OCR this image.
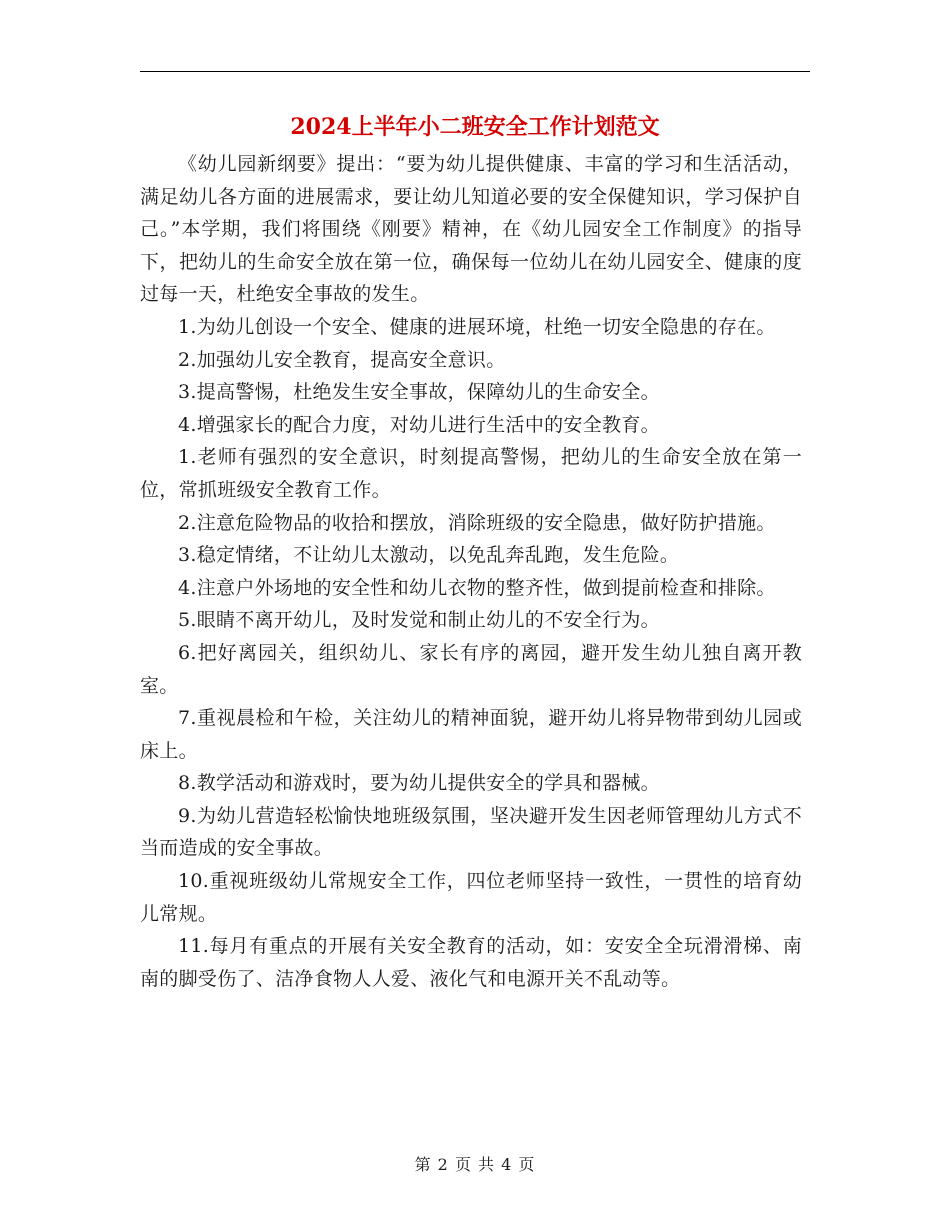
2024上半年小二班安全工作计划范文

《幼儿园新纲要》提出：“要为幼儿提供健康、丰富的学习和生活活动，满足幼儿各方面的进展需求，要让幼儿知道必要的安全保健知识，学习保护自己。”本学期，我们将围绕《刚要》精神，在《幼儿园安全工作制度》的指导下，把幼儿的生命安全放在第一位，确保每一位幼儿在幼儿园安全、健康的度过每一天，杜绝安全事故的发生。

1.为幼儿创设一个安全、健康的进展环境，杜绝一切安全隐患的存在。

2.加强幼儿安全教育，提高安全意识。

3.提高警惕，杜绝发生安全事故，保障幼儿的生命安全。

4.增强家长的配合力度，对幼儿进行生活中的安全教育。

1.老师有强烈的安全意识，时刻提高警惕，把幼儿的生命安全放在第一位，常抓班级安全教育工作。

2.注意危险物品的收拾和摆放，消除班级的安全隐患，做好防护措施。

3.稳定情绪，不让幼儿太激动，以免乱奔乱跑，发生危险。

4.注意户外场地的安全性和幼儿衣物的整齐性，做到提前检查和排除。

5.眼睛不离开幼儿，及时发觉和制止幼儿的不安全行为。

6.把好离园关，组织幼儿、家长有序的离园，避开发生幼儿独自离开教室。

7.重视晨检和午检，关注幼儿的精神面貌，避开幼儿将异物带到幼儿园或床上。

8.教学活动和游戏时，要为幼儿提供安全的学具和器械。

9.为幼儿营造轻松愉快地班级氛围，坚决避开发生因老师管理幼儿方式不当而造成的安全事故。

10.重视班级幼儿常规安全工作，四位老师坚持一致性，一贯性的培育幼儿常规。

11.每月有重点的开展有关安全教育的活动，如：安安全全玩滑滑梯、南南的脚受伤了、洁净食物人人爱、液化气和电源开关不乱动等。

第 2 页 共 4 页
